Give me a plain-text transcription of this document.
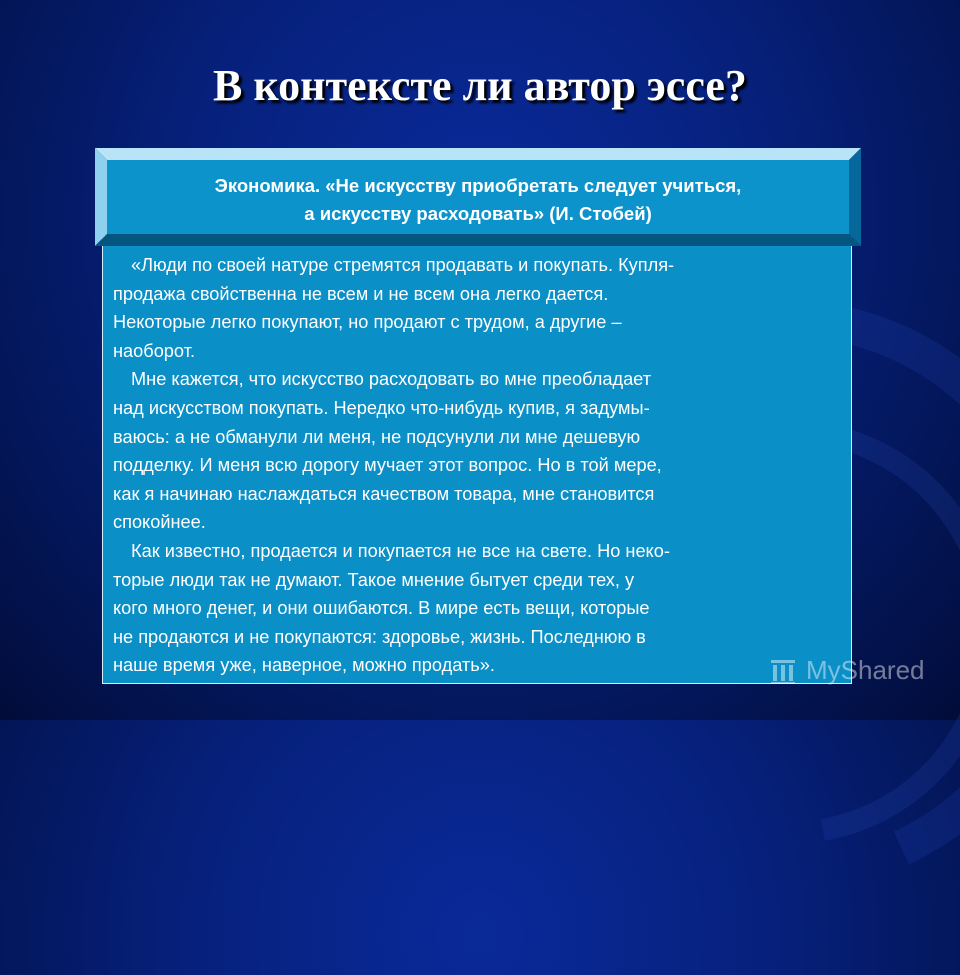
В контексте ли автор эссе?
«Люди по своей натуре стремятся продавать и покупать. Купля-
продажа свойственна не всем и не всем она легко дается.
Некоторые легко покупают, но продают с трудом, а другие –
наоборот.
Мне кажется, что искусство расходовать во мне преобладает
над искусством покупать. Нередко что-нибудь купив, я задумы-
ваюсь: а не обманули ли меня, не подсунули ли мне дешевую
подделку. И меня всю дорогу мучает этот вопрос. Но в той мере,
как я начинаю наслаждаться качеством товара, мне становится
спокойнее.
Как известно, продается и покупается не все на свете. Но неко-
торые люди так не думают. Такое мнение бытует среди тех, у
кого много денег, и они ошибаются. В мире есть вещи, которые
не продаются и не покупаются: здоровье, жизнь. Последнюю в
наше время уже, наверное, можно продать».
Экономика. «Не искусству приобретать следует учиться,
а искусству расходовать» (И. Стобей)
MyShared
